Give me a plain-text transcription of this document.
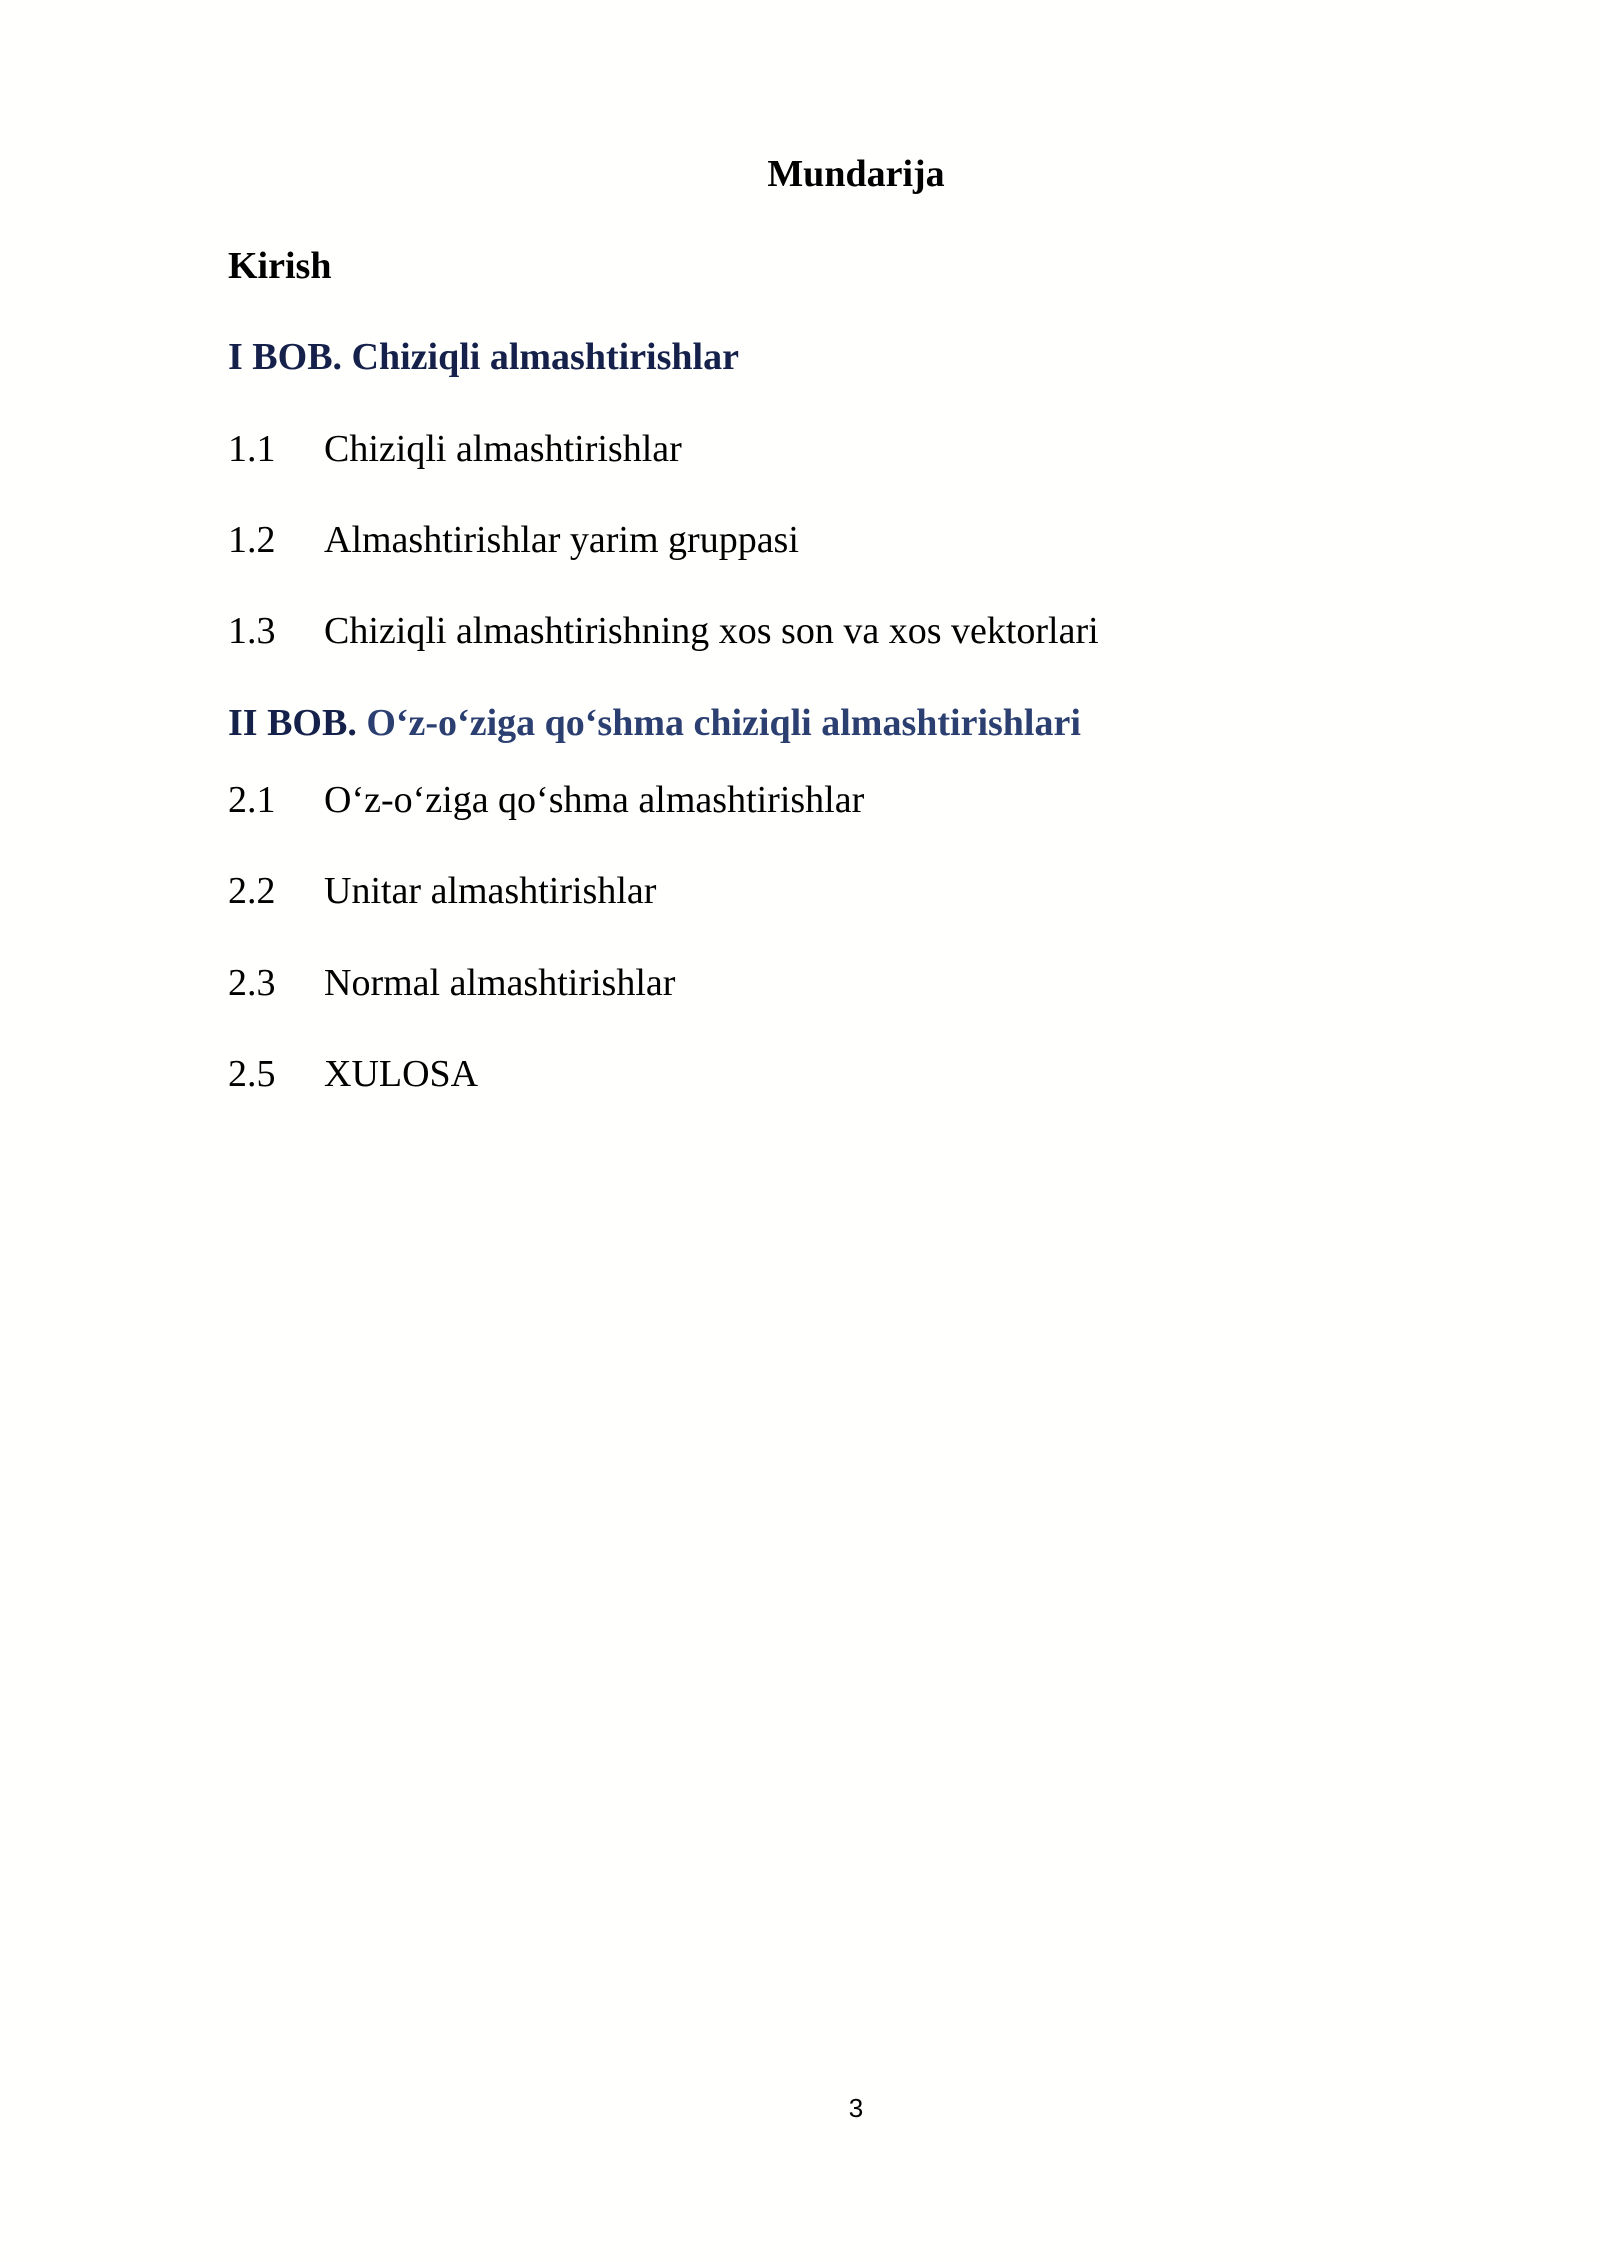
Mundarija
Kirish
I BOB. Chiziqli almashtirishlar
1.1 Chiziqli almashtirishlar
1.2 Almashtirishlar yarim gruppasi
1.3 Chiziqli almashtirishning xos son va xos vektorlari
II BOB. O‘z-o‘ziga qo‘shma chiziqli almashtirishlari
2.1 O‘z-o‘ziga qo‘shma almashtirishlar
2.2 Unitar almashtirishlar
2.3 Normal almashtirishlar
2.5 XULOSA
3
